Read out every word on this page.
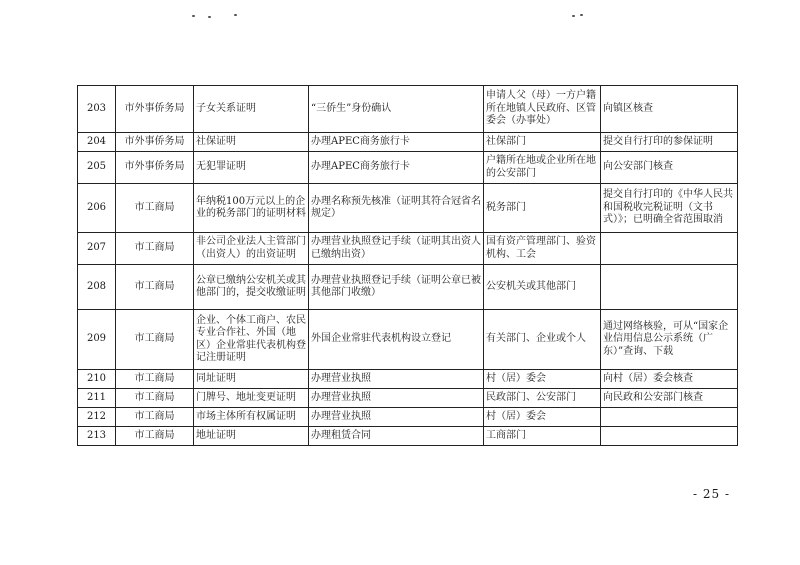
203	市外事侨务局	子女关系证明	“三侨生”身份确认	申请人父（母）一方户籍所在地镇人民政府、区管委会（办事处）	向镇区核查
204	市外事侨务局	社保证明	办理APEC商务旅行卡	社保部门	提交自行打印的参保证明
205	市外事侨务局	无犯罪证明	办理APEC商务旅行卡	户籍所在地或企业所在地的公安部门	向公安部门核查
206	市工商局	年纳税100万元以上的企业的税务部门的证明材料	办理名称预先核准（证明其符合冠省名规定）	税务部门	提交自行打印的《中华人民共和国税收完税证明（文书式）》；已明确全省范围取消
207	市工商局	非公司企业法人主管部门（出资人）的出资证明	办理营业执照登记手续（证明其出资人已缴纳出资）	国有资产管理部门、验资机构、工会	
208	市工商局	公章已缴纳公安机关或其他部门的，提交收缴证明	办理营业执照登记手续（证明公章已被其他部门收缴）	公安机关或其他部门	
209	市工商局	企业、个体工商户、农民专业合作社、外国（地区）企业常驻代表机构登记注册证明	外国企业常驻代表机构设立登记	有关部门、企业或个人	通过网络核验，可从“国家企业信用信息公示系统（广东）”查询、下载
210	市工商局	同址证明	办理营业执照	村（居）委会	向村（居）委会核查
211	市工商局	门牌号、地址变更证明	办理营业执照	民政部门、公安部门	向民政和公安部门核查
212	市工商局	市场主体所有权属证明	办理营业执照	村（居）委会	
213	市工商局	地址证明	办理租赁合同	工商部门	
- 25 -
